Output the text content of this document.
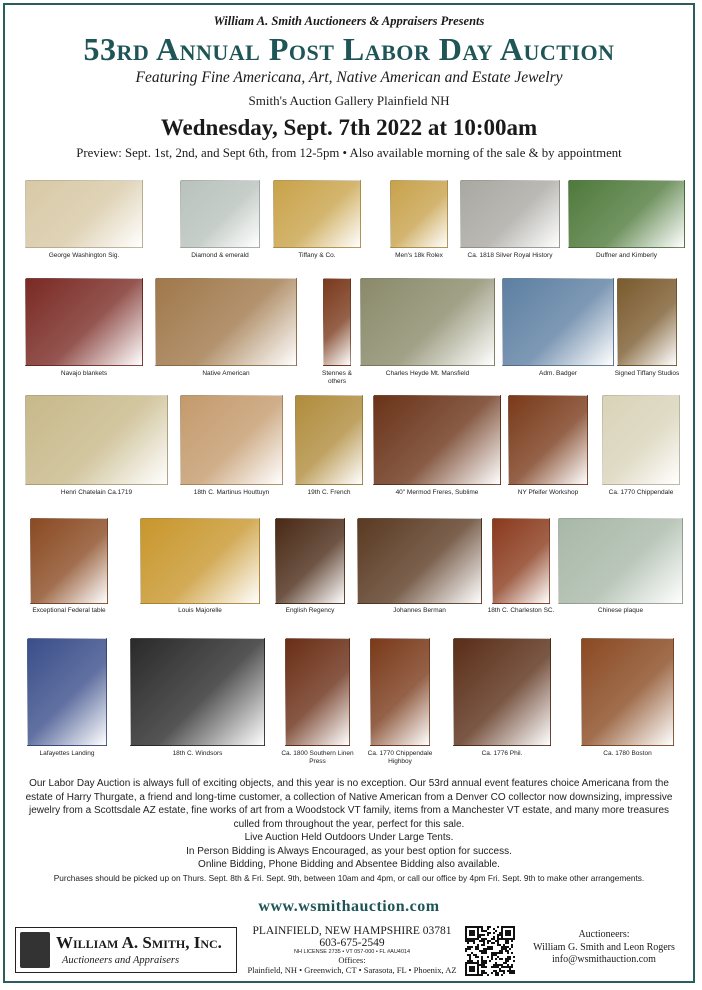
William A. Smith Auctioneers & Appraisers Presents
53rd Annual Post Labor Day Auction
Featuring Fine Americana, Art, Native American and Estate Jewelry
Smith's Auction Gallery Plainfield NH
Wednesday, Sept. 7th 2022 at 10:00am
Preview: Sept. 1st, 2nd, and Sept 6th, from 12-5pm • Also available morning of the sale & by appointment
George Washington Sig.	Diamond & emerald	Tiffany & Co.	Men's 18k Rolex	Ca. 1818 Silver Royal History	Duffner and Kimberly
Navajo blankets	Native American	Stennes & others
Charles Heyde Mt. Mansfield	Adm. Badger	Signed Tiffany Studios
Henri Chatelain Ca.1719	18th C. Martinus Houttuyn	19th C. French	40" Mermod Freres, Sublime	NY Pfeifer Workshop	Ca. 1770 Chippendale
Exceptional Federal table	Louis Majorelle	English Regency	Johannes Berman	18th C. Charleston SC.	Chinese plaque
Lafayettes Landing	18th C. Windsors	Ca. 1800 Southern Linen Press
Ca. 1770 Chippendale Highboy
Ca. 1776 Phil.	Ca. 1780 Boston
Our Labor Day Auction is always full of exciting objects, and this year is no exception. Our 53rd annual event features choice Americana from the estate of Harry Thurgate, a friend and long-time customer, a collection of Native American from a Denver CO collector now downsizing, impressive jewelry from a Scottsdale AZ estate, fine works of art from a Woodstock VT family, items from a Manchester VT estate, and many more treasures culled from throughout the year, perfect for this sale.
Live Auction Held Outdoors Under Large Tents.
In Person Bidding is Always Encouraged, as your best option for success.
Online Bidding, Phone Bidding and Absentee Bidding also available.
Purchases should be picked up on Thurs. Sept. 8th & Fri. Sept. 9th, between 10am and 4pm, or call our office by 4pm Fri. Sept. 9th to make other arrangements.
www.wsmithauction.com
William A. Smith, Inc.
Auctioneers and Appraisers
PLAINFIELD, NEW HAMPSHIRE 03781
603-675-2549
NH LICENSE 2735 • VT 057-000 • FL #AU4014
Offices:
Plainfield, NH • Greenwich, CT • Sarasota, FL • Phoenix, AZ
Auctioneers:
William G. Smith and Leon Rogers
info@wsmithauction.com
